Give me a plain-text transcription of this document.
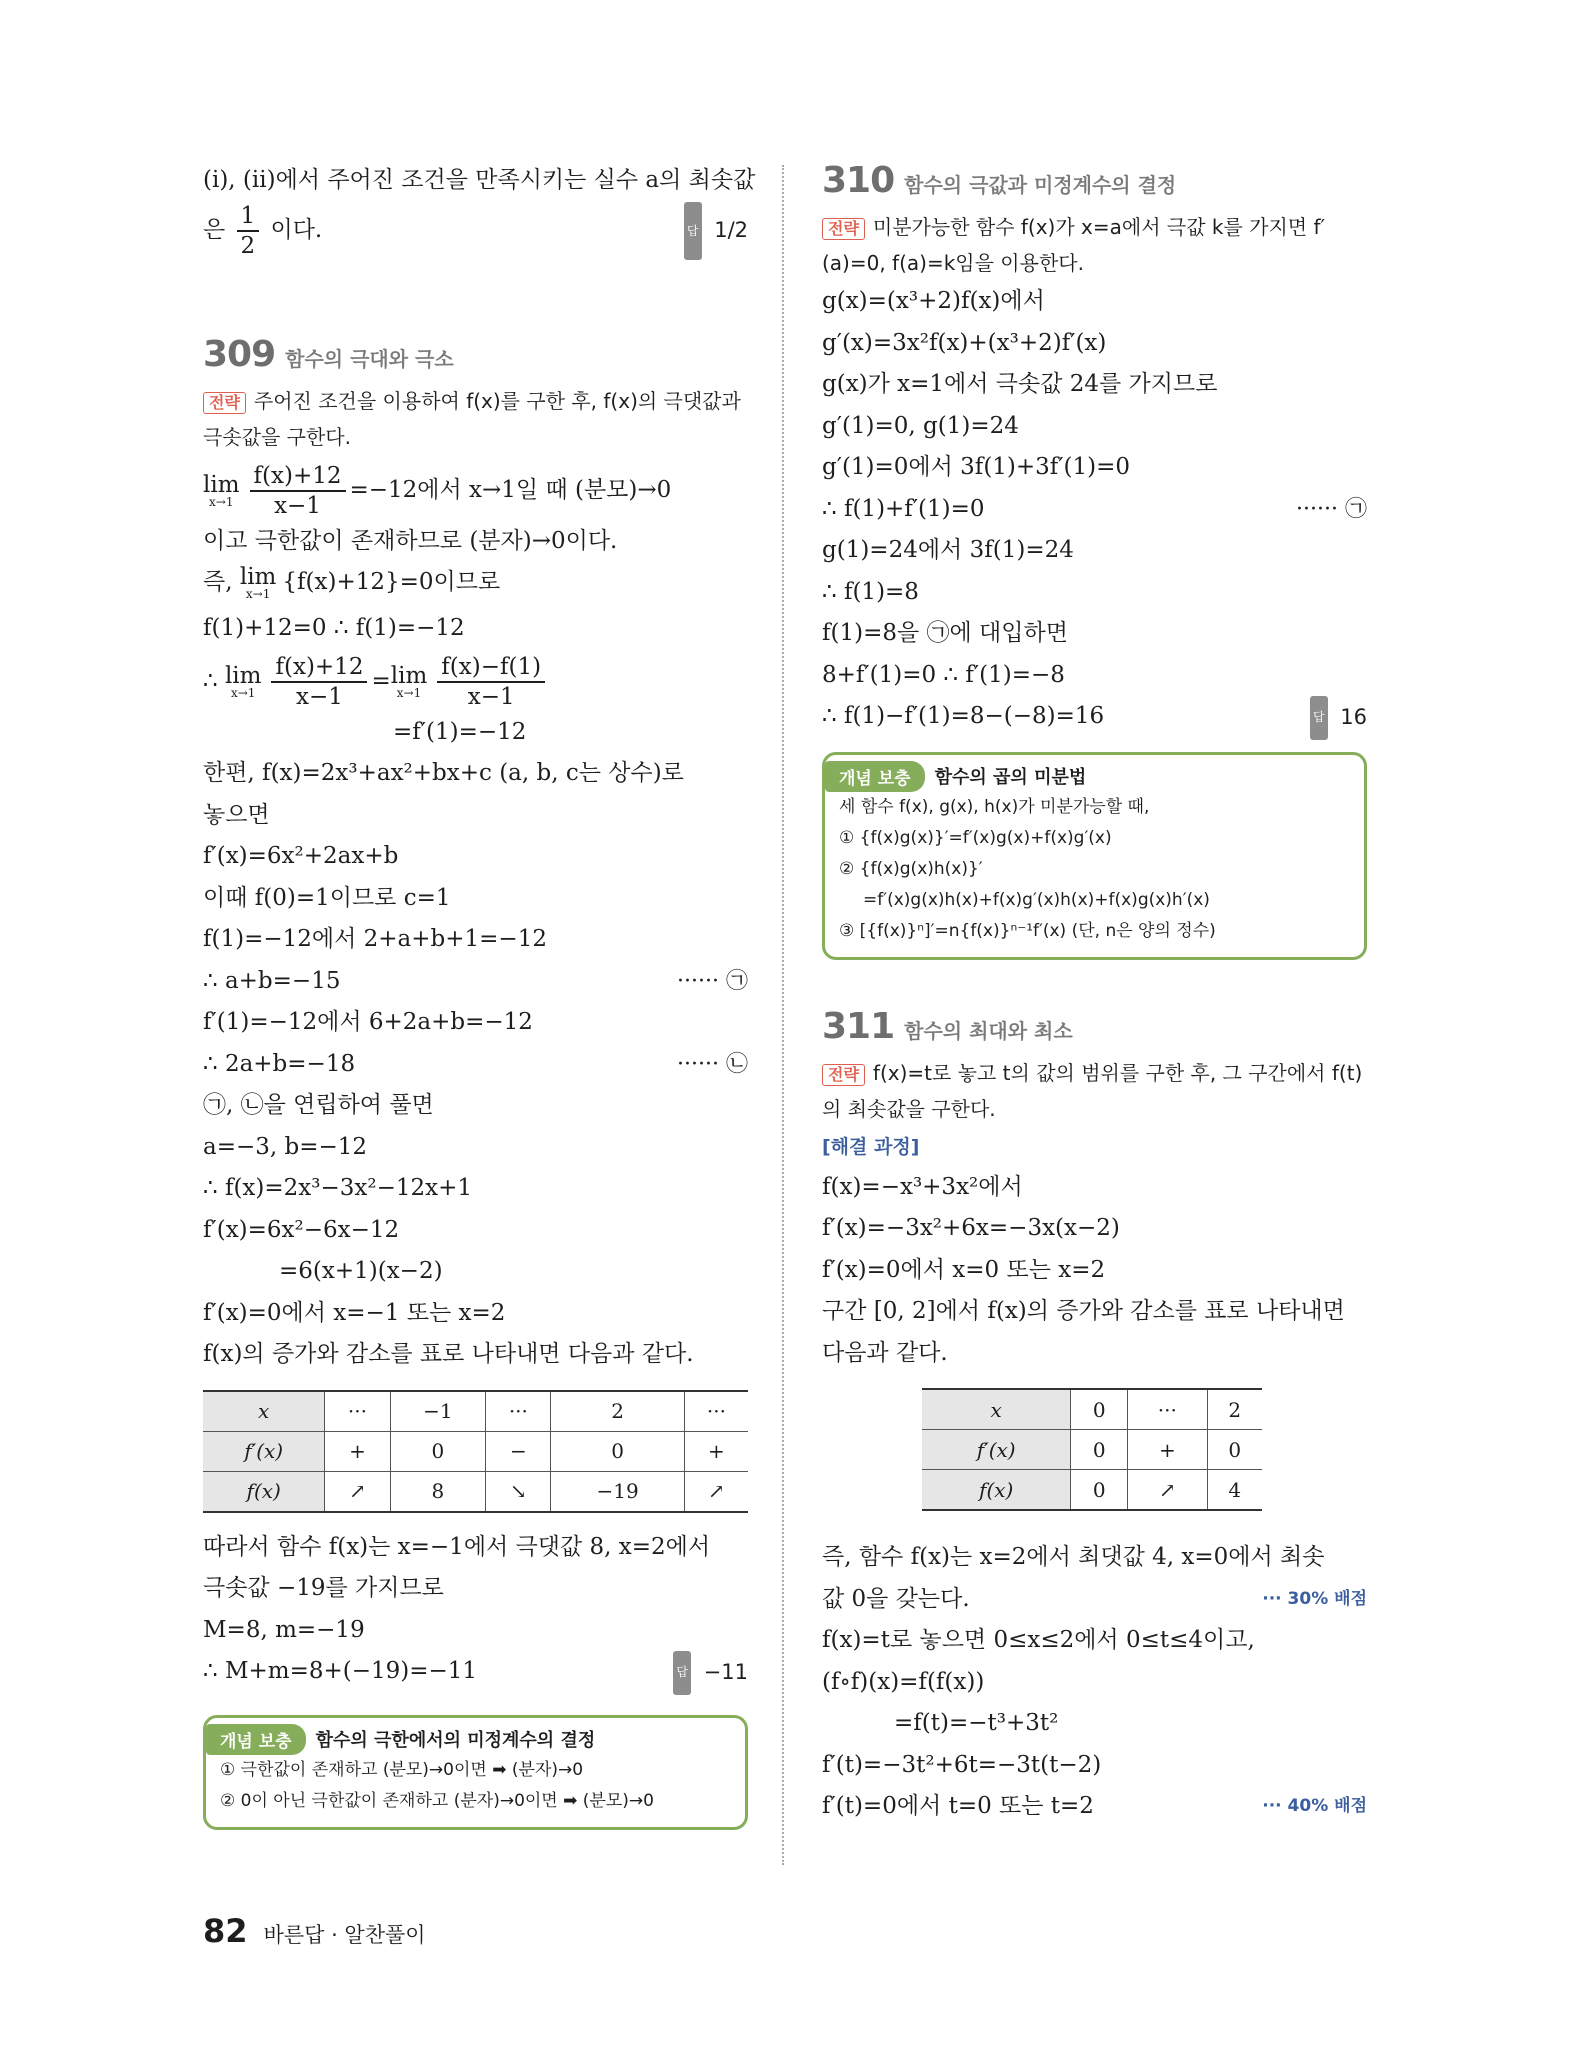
(ⅰ), (ⅱ)에서 주어진 조건을 만족시키는 실수 a의 최솟값
은 $\frac{1}{2}$ 이다.	답 1/2
309 함수의 극대와 극소
전략 주어진 조건을 이용하여 f(x)를 구한 후, f(x)의 극댓값과 극솟값을 구한다.
lim
$x\to 1 \frac{f(x)+12}{x-1} =-12$에서 x→1일 때 (분모)→0
이고 극한값이 존재하므로 (분자)→0이다.
즉, lim
x→1 {f(x)+12}=0이므로
f(1)+12=0 ∴ f(1)=−12
∴ lim
$x\to 1 \frac{f(x)+12}{x-1} = \lim$
$x\to 1 \frac{f(x)-f(1)}{x-1}$
=f′(1)=−12
한편, f(x)=2x³+ax²+bx+c (a, b, c는 상수)로
놓으면
f′(x)=6x²+2ax+b
이때 f(0)=1이므로 c=1
f(1)=−12에서 2+a+b+1=−12
∴ a+b=−15	······ ㉠
f′(1)=−12에서 6+2a+b=−12
∴ 2a+b=−18	······ ㉡
㉠, ㉡을 연립하여 풀면
a=−3, b=−12
∴ f(x)=2x³−3x²−12x+1
f′(x)=6x²−6x−12
=6(x+1)(x−2)
f′(x)=0에서 x=−1 또는 x=2
f(x)의 증가와 감소를 표로 나타내면 다음과 같다.
x	···	−1	···	2	···
f′(x)	+	0	−	0	+
f(x)	↗	8	↘	−19	↗
따라서 함수 f(x)는 x=−1에서 극댓값 8, x=2에서
극솟값 −19를 가지므로
M=8, m=−19
∴ M+m=8+(−19)=−11	답 −11
개념 보충	함수의 극한에서의 미정계수의 결정
① 극한값이 존재하고 (분모)→0이면 ➡ (분자)→0
② 0이 아닌 극한값이 존재하고 (분자)→0이면 ➡ (분모)→0
310 함수의 극값과 미정계수의 결정
전략 미분가능한 함수 f(x)가 x=a에서 극값 k를 가지면 f′(a)=0, f(a)=k임을 이용한다.
g(x)=(x³+2)f(x)에서
g′(x)=3x²f(x)+(x³+2)f′(x)
g(x)가 x=1에서 극솟값 24를 가지므로
g′(1)=0, g(1)=24
g′(1)=0에서 3f(1)+3f′(1)=0
∴ f(1)+f′(1)=0	······ ㉠
g(1)=24에서 3f(1)=24
∴ f(1)=8
f(1)=8을 ㉠에 대입하면
8+f′(1)=0 ∴ f′(1)=−8
∴ f(1)−f′(1)=8−(−8)=16	답 16
개념 보충	함수의 곱의 미분법
세 함수 f(x), g(x), h(x)가 미분가능할 때,
① {f(x)g(x)}′=f′(x)g(x)+f(x)g′(x)
② {f(x)g(x)h(x)}′
=f′(x)g(x)h(x)+f(x)g′(x)h(x)+f(x)g(x)h′(x)
③ [{f(x)}ⁿ]′=n{f(x)}ⁿ⁻¹f′(x) (단, n은 양의 정수)
311 함수의 최대와 최소
전략 f(x)=t로 놓고 t의 값의 범위를 구한 후, 그 구간에서 f(t)의 최솟값을 구한다.
[해결 과정]
f(x)=−x³+3x²에서
f′(x)=−3x²+6x=−3x(x−2)
f′(x)=0에서 x=0 또는 x=2
구간 [0, 2]에서 f(x)의 증가와 감소를 표로 나타내면
다음과 같다.
x	0	···	2
f′(x)	0	+	0
f(x)	0	↗	4
즉, 함수 f(x)는 x=2에서 최댓값 4, x=0에서 최솟
값 0을 갖는다.	··· 30% 배점
f(x)=t로 놓으면 0≤x≤2에서 0≤t≤4이고,
(f∘f)(x)=f(f(x))
=f(t)=−t³+3t²
f′(t)=−3t²+6t=−3t(t−2)
f′(t)=0에서 t=0 또는 t=2	··· 40% 배점
82 바른답 · 알찬풀이
